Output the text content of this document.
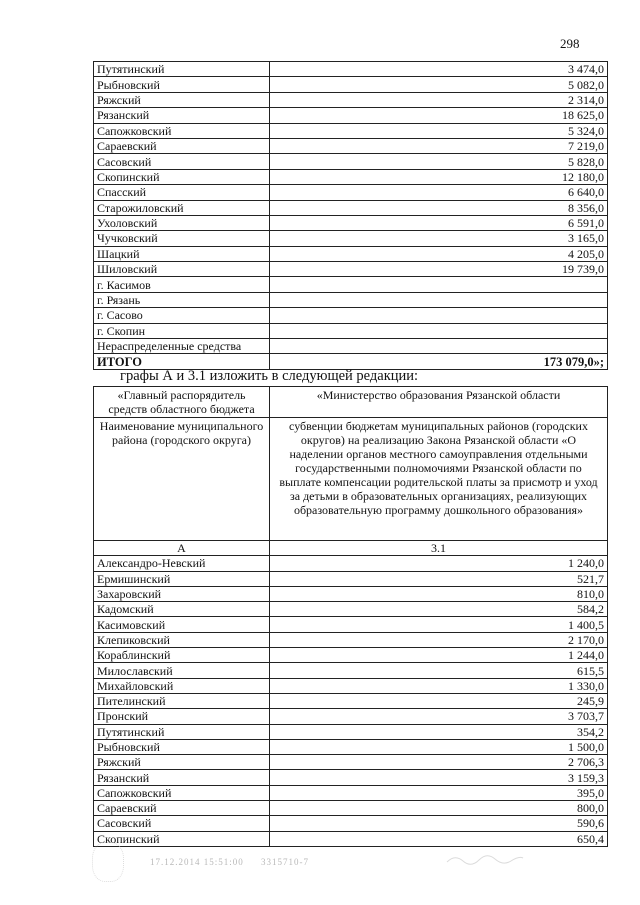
298
Путятинский	3 474,0
Рыбновский	5 082,0
Ряжский	2 314,0
Рязанский	18 625,0
Сапожковский	5 324,0
Сараевский	7 219,0
Сасовский	5 828,0
Скопинский	12 180,0
Спасский	6 640,0
Старожиловский	8 356,0
Ухоловский	6 591,0
Чучковский	3 165,0
Шацкий	4 205,0
Шиловский	19 739,0
г. Касимов	
г. Рязань	
г. Сасово	
г. Скопин	
Нераспределенные средства	
ИТОГО	173 079,0»;
графы А и 3.1 изложить в следующей редакции:
«Главный распорядитель средств областного бюджета	«Министерство образования Рязанской области
Наименование муниципального района (городского округа)	субвенции бюджетам муниципальных районов (городских округов) на реализацию Закона Рязанской области «О наделении органов местного самоуправления отдельными государственными полномочиями Рязанской области по выплате компенсации родительской платы за присмотр и уход за детьми в образовательных организациях, реализующих образовательную программу дошкольного образования»
А	3.1
Александро-Невский	1 240,0
Ермишинский	521,7
Захаровский	810,0
Кадомский	584,2
Касимовский	1 400,5
Клепиковский	2 170,0
Кораблинский	1 244,0
Милославский	615,5
Михайловский	1 330,0
Пителинский	245,9
Пронский	3 703,7
Путятинский	354,2
Рыбновский	1 500,0
Ряжский	2 706,3
Рязанский	3 159,3
Сапожковский	395,0
Сараевский	800,0
Сасовский	590,6
Скопинский	650,4
17.12.2014 15:51:00 3315710-7
